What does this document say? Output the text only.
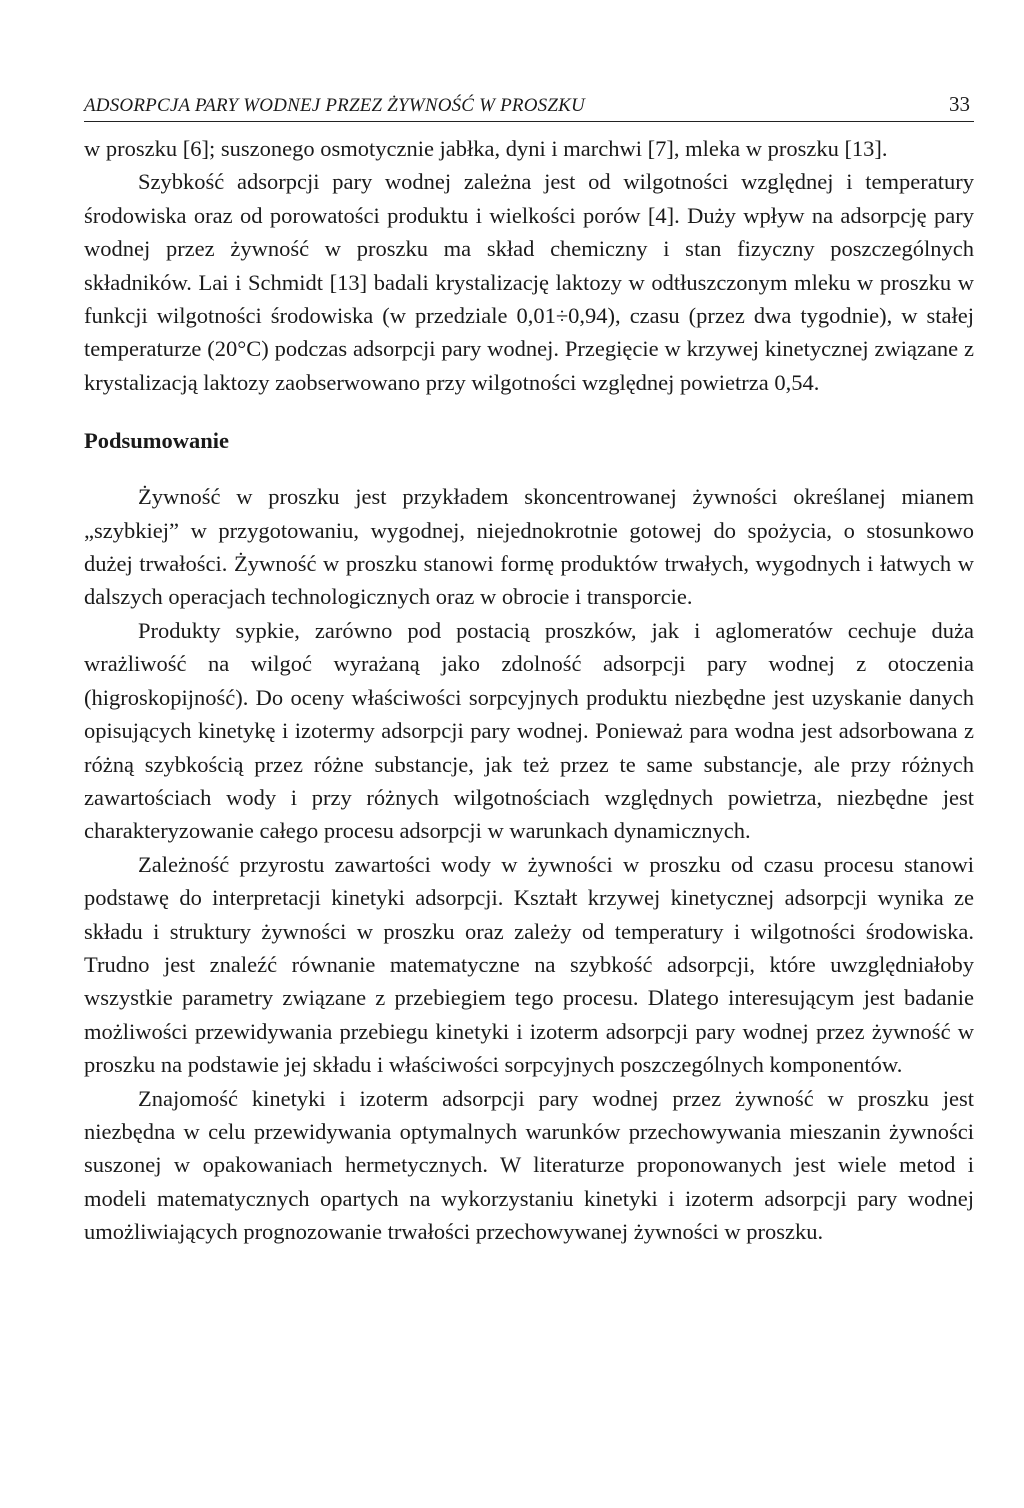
ADSORPCJA PARY WODNEJ PRZEZ ŻYWNOŚĆ W PROSZKU	33

w proszku [6]; suszonego osmotycznie jabłka, dyni i marchwi [7], mleka w proszku [13].

Szybkość adsorpcji pary wodnej zależna jest od wilgotności względnej i temperatury środowiska oraz od porowatości produktu i wielkości porów [4]. Duży wpływ na adsorpcję pary wodnej przez żywność w proszku ma skład chemiczny i stan fizyczny poszczególnych składników. Lai i Schmidt [13] badali krystalizację laktozy w odtłuszczonym mleku w proszku w funkcji wilgotności środowiska (w przedziale 0,01÷0,94), czasu (przez dwa tygodnie), w stałej temperaturze (20°C) podczas adsorpcji pary wodnej. Przegięcie w krzywej kinetycznej związane z krystalizacją laktozy zaobserwowano przy wilgotności względnej powietrza 0,54.

Podsumowanie

Żywność w proszku jest przykładem skoncentrowanej żywności określanej mianem „szybkiej” w przygotowaniu, wygodnej, niejednokrotnie gotowej do spożycia, o stosunkowo dużej trwałości. Żywność w proszku stanowi formę produktów trwałych, wygodnych i łatwych w dalszych operacjach technologicznych oraz w obrocie i transporcie.

Produkty sypkie, zarówno pod postacią proszków, jak i aglomeratów cechuje duża wrażliwość na wilgoć wyrażaną jako zdolność adsorpcji pary wodnej z otoczenia (higroskopijność). Do oceny właściwości sorpcyjnych produktu niezbędne jest uzyskanie danych opisujących kinetykę i izotermy adsorpcji pary wodnej. Ponieważ para wodna jest adsorbowana z różną szybkością przez różne substancje, jak też przez te same substancje, ale przy różnych zawartościach wody i przy różnych wilgotnościach względnych powietrza, niezbędne jest charakteryzowanie całego procesu adsorpcji w warunkach dynamicznych.

Zależność przyrostu zawartości wody w żywności w proszku od czasu procesu stanowi podstawę do interpretacji kinetyki adsorpcji. Kształt krzywej kinetycznej adsorpcji wynika ze składu i struktury żywności w proszku oraz zależy od temperatury i wilgotności środowiska. Trudno jest znaleźć równanie matematyczne na szybkość adsorpcji, które uwzględniałoby wszystkie parametry związane z przebiegiem tego procesu. Dlatego interesującym jest badanie możliwości przewidywania przebiegu kinetyki i izoterm adsorpcji pary wodnej przez żywność w proszku na podstawie jej składu i właściwości sorpcyjnych poszczególnych komponentów.

Znajomość kinetyki i izoterm adsorpcji pary wodnej przez żywność w proszku jest niezbędna w celu przewidywania optymalnych warunków przechowywania mieszanin żywności suszonej w opakowaniach hermetycznych. W literaturze proponowanych jest wiele metod i modeli matematycznych opartych na wykorzystaniu kinetyki i izoterm adsorpcji pary wodnej umożliwiających prognozowanie trwałości przechowywanej żywności w proszku.
